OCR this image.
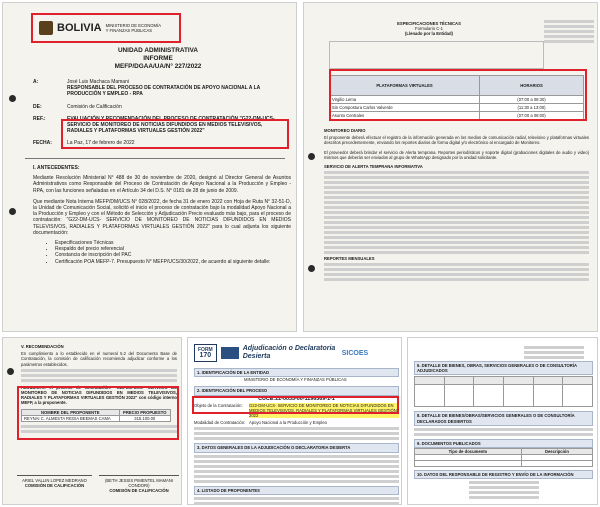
BOLIVIA MINISTERIO DE ECONOMÍA Y FINANZAS PÚBLICAS
UNIDAD ADMINISTRATIVA
INFORME
MEFP/DGAA/UA/N° 227/2022
A:	José Luis Machaca Mamani
RESPONSABLE DEL PROCESO DE CONTRATACIÓN DE APOYO NACIONAL A LA PRODUCCIÓN Y EMPLEO - RPA
DE:	Comisión de Calificación
REF.:	EVALUACIÓN Y RECOMENDACIÓN DEL PROCESO DE CONTRATACIÓN "G22-DM-UCS- SERVICIO DE MONITOREO DE NOTICIAS DIFUNDIDOS EN MEDIOS TELEVISIVOS, RADIALES Y PLATAFORMAS VIRTUALES GESTIÓN 2022"
FECHA:	La Paz, 17 de febrero de 2022
I. ANTECEDENTES:

Mediante Resolución Ministerial N° 488 de 30 de noviembre de 2020, designó al Director General de Asuntos Administrativos como Responsable del Proceso de Contratación de Apoyo Nacional a la Producción y Empleo - RPA, con las funciones señaladas en el Artículo 34 del D.S. N° 0181 de 28 de junio de 2009.

Que mediante Nota Interna MEFP/DM/UCS N° 028/2022, de fecha 31 de enero 2022 con Hoja de Ruta N° 32-51-D, la Unidad de Comunicación Social, solicitó el inicio el proceso de contratación bajo la modalidad Apoyo Nacional a la Producción y Empleo y con el Método de Selección y Adjudicación Precio evaluado más bajo, para el proceso de contratación: "G22-DM-UCS- SERVICIO DE MONITOREO DE NOTICIAS DIFUNDIDOS EN MEDIOS TELEVISIVOS, RADIALES Y PLATAFORMAS VIRTUALES GESTIÓN 2022" para lo cual adjunta los siguiente documentación:

• Especificaciones Técnicas
• Respaldo del precio referencial
• Constancia de inscripción del PAC
• Certificación POA MEFP-7. Presupuesto N° MEFP/UCS/30/2022, de acuerdo al siguiente detalle:
ESPECIFICACIONES TÉCNICAS
Formulario C-1
(Llenado por la Entidad)
PLATAFORMAS VIRTUALES	HORARIOS
Virgilio Lema	(07:00 a 08:30)
Sin Compostura Carlos Valverde	(11:30 a 13:00)
Asunto Centrales	(07:00 a 08:00)
MONITOREO DIARIO

El proponente deberá efectuar el registro de la información generada en los medios de comunicación radial, televisivo y plataformas virtuales descritos precedentemente, enviando los reportes diarios de forma digital y/o electrónico al encargado de Monitoreo.

El proveedor deberá brindar el servicio de Alerta temprana. Reportes periodísticos y soporte digital (grabaciones digitales de audio y video) mismos que deberán ser enviados al grupo de WhatsApp designado por la unidad solicitante.

SERVICIO DE ALERTA TEMPRANA INFORMATIVA
REPORTES MENSUALES
V. RECOMENDACIÓN

En cumplimiento a lo establecido en el numeral 5.2 del Documento Base de Contratación, la comisión de calificación recomienda adjudicar conforme a los parámetros establecidos.

ADJUDICAR el proceso de contratación: "G22-DM-UCS- SERVICIO DE MONITOREO DE NOTICIAS DIFUNDIDOS EN MEDIOS TELEVISIVOS, RADIALES Y PLATAFORMAS VIRTUALES GESTIÓN 2022" con código interno MEFP, a la proponente.

NOMBRE DEL PROPONENTE	PRECIO PROPUESTO
REYNAI C. ALMESTA REGIA BEEMAS CAMA	315.100.00
ARIEL VALLIN LOPEZ MEDRANO
COMISIÓN DE CALIFICACIÓN
(BETH JESSIS PIMENTEL MAMANI CONDORI)
COMISIÓN DE CALIFICACIÓN
FORM
170
Adjudicación o Declaratoria Desierta	SICOES
1. IDENTIFICACIÓN DE LA ENTIDAD
MINISTERIO DE ECONOMÍA Y FINANZAS PÚBLICAS
2. IDENTIFICACIÓN DEL PROCESO
CUCE:22-0035-00-1196369-1-1
Objeto de la Contratación:	G22-DM-UCS- SERVICIO DE MONITOREO DE NOTICIAS DIFUNDIDOS EN MEDIOS TELEVISIVOS, RADIALES Y PLATAFORMAS VIRTUALES GESTIÓN 2022
Modalidad de Contratación: Apoyo Nacional a la Producción y Empleo
3. DATOS GENERALES DE LA ADJUDICACIÓN O DECLARATORIA DESIERTA
4. LISTADO DE PROPONENTES
6. DETALLE DE BIENES, OBRAS, SERVICIOS GENERALES O DE CONSULTORÍA ADJUDICADOS

8. DETALLE DE BIENES/OBRAS/SERVICIOS GENERALES O DE CONSULTORÍA DECLARADOS DESIERTOS
9. DOCUMENTOS PUBLICADOS
Tipo de documento	Descripción

10. DATOS DEL RESPONSABLE DE REGISTRO Y ENVÍO DE LA INFORMACIÓN
